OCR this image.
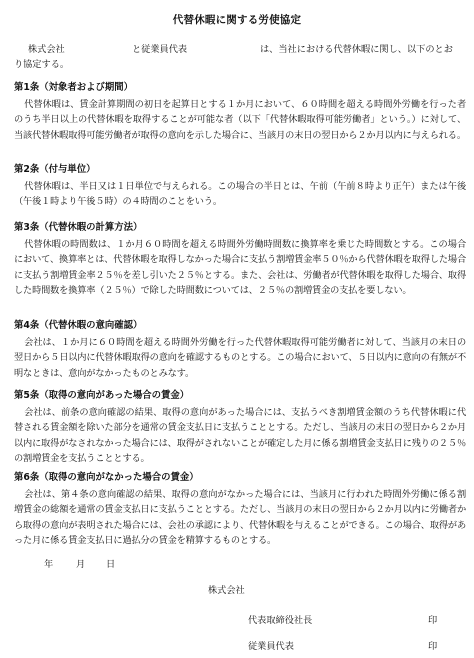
代替休暇に関する労使協定
株式会社	と従業員代表	は、当社における代替休暇に関し、以下のとお
り協定する。
第1条（対象者および期間）
代替休暇は、賃金計算期間の初日を起算日とする１か月において、６０時間を超える時間外労働を行った者のうち半日以上の代替休暇を取得することが可能な者（以下「代替休暇取得可能労働者」という。）に対して、当該代替休暇取得可能労働者が取得の意向を示した場合に、当該月の末日の翌日から２か月以内に与えられる。
第2条（付与単位）
代替休暇は、半日又は１日単位で与えられる。この場合の半日とは、午前（午前８時より正午）または午後（午後１時より午後５時）の４時間のことをいう。
第3条（代替休暇の計算方法）
代替休暇の時間数は、１か月６０時間を超える時間外労働時間数に換算率を乗じた時間数とする。この場合において、換算率とは、代替休暇を取得しなかった場合に支払う割増賃金率５０％から代替休暇を取得した場合に支払う割増賃金率２５％を差し引いた２５％とする。また、会社は、労働者が代替休暇を取得した場合、取得した時間数を換算率（２５％）で除した時間数については、２５％の割増賃金の支払を要しない。
第4条（代替休暇の意向確認）
会社は、１か月に６０時間を超える時間外労働を行った代替休暇取得可能労働者に対して、当該月の末日の翌日から５日以内に代替休暇取得の意向を確認するものとする。この場合において、５日以内に意向の有無が不明なときは、意向がなかったものとみなす。
第5条（取得の意向があった場合の賃金）
会社は、前条の意向確認の結果、取得の意向があった場合には、支払うべき割増賃金額のうち代替休暇に代替される賃金額を除いた部分を通常の賃金支払日に支払うこととする。ただし、当該月の末日の翌日から２か月以内に取得がなされなかった場合には、取得がされないことが確定した月に係る割増賃金支払日に残りの２５％の割増賃金を支払うこととする。
第6条（取得の意向がなかった場合の賃金）
会社は、第４条の意向確認の結果、取得の意向がなかった場合には、当該月に行われた時間外労働に係る割増賃金の総額を通常の賃金支払日に支払うこととする。ただし、当該月の末日の翌日から２か月以内に労働者から取得の意向が表明された場合には、会社の承認により、代替休暇を与えることができる。この場合、取得があった月に係る賃金支払日に過払分の賃金を精算するものとする。
年 月 日
株式会社
代表取締役社長	印
従業員代表	印
